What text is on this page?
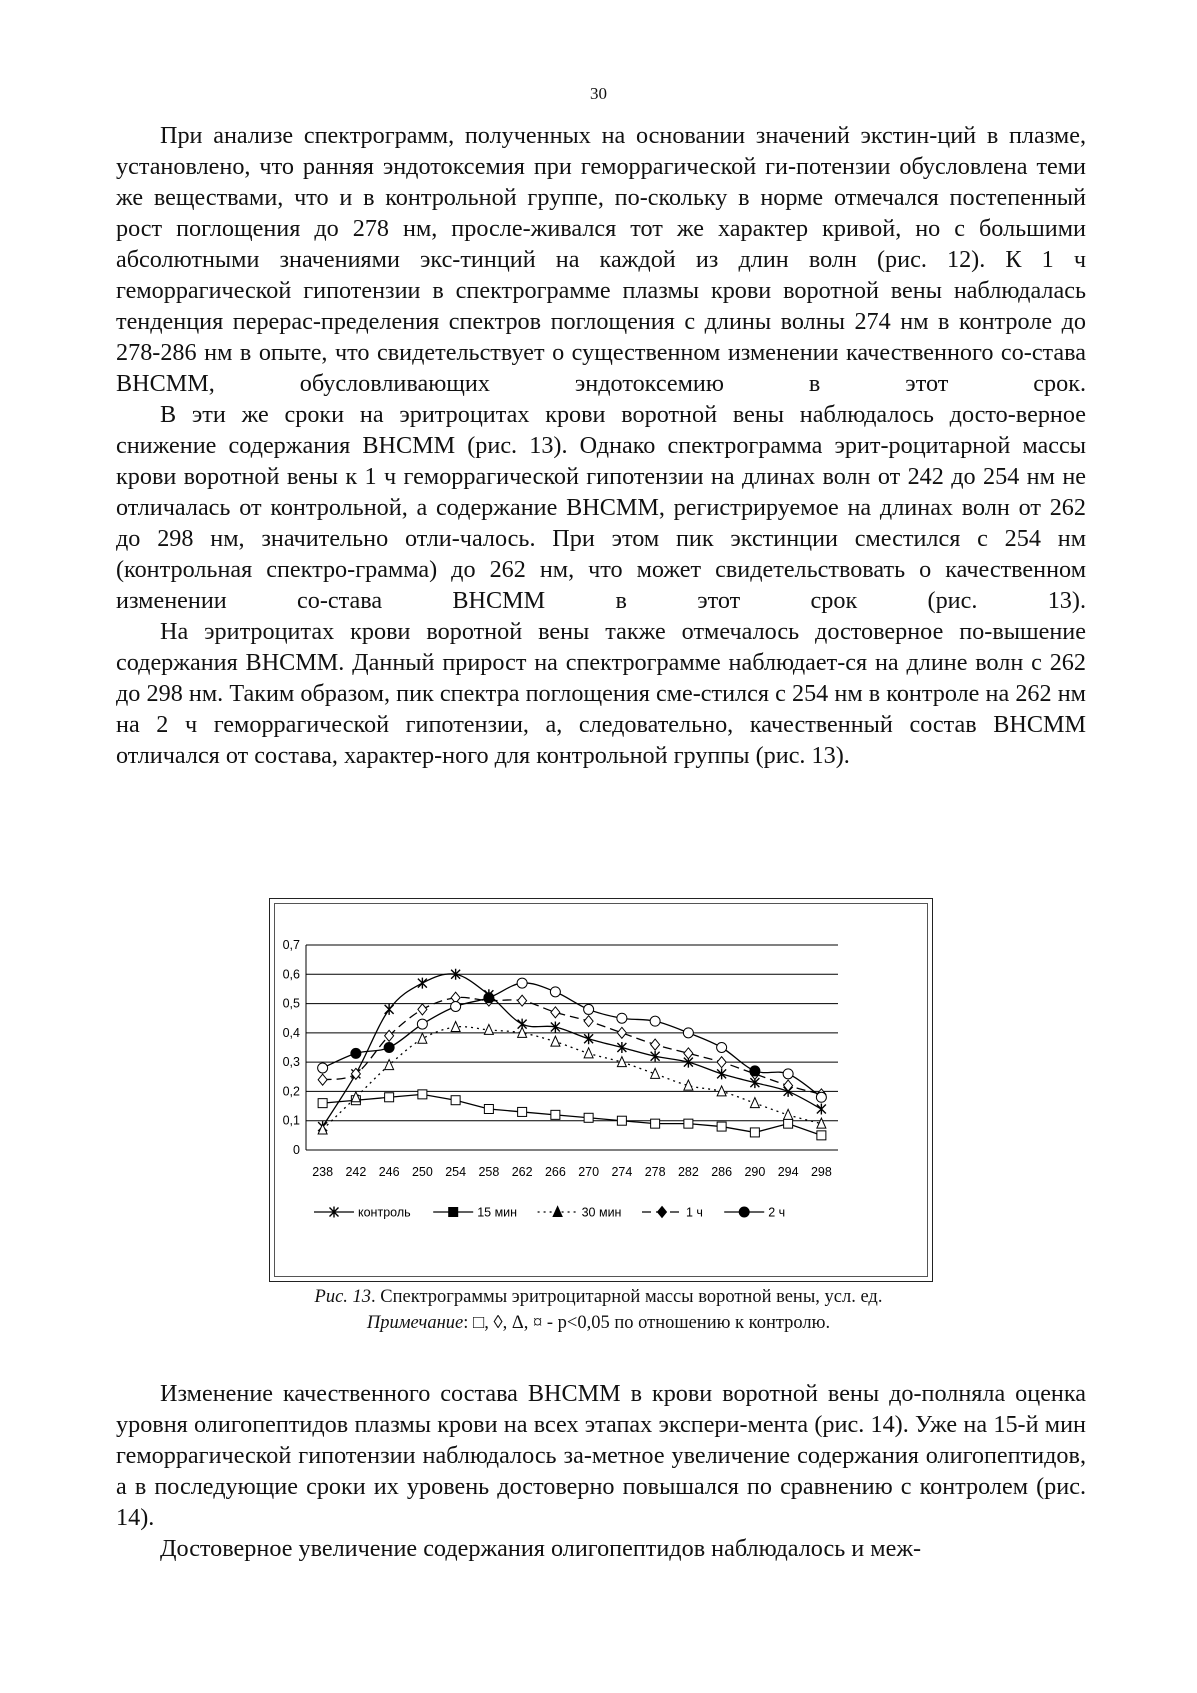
30

При анализе спектрограмм, полученных на основании значений экстин-ций в плазме, установлено, что ранняя эндотоксемия при геморрагической ги-потензии обусловлена теми же веществами, что и в контрольной группе, по-скольку в норме отмечался постепенный рост поглощения до 278 нм, просле-живался тот же характер кривой, но с большими абсолютными значениями экс-тинций на каждой из длин волн (рис. 12). К 1 ч геморрагической гипотензии в спектрограмме плазмы крови воротной вены наблюдалась тенденция перерас-пределения спектров поглощения с длины волны 274 нм в контроле до 278-286 нм в опыте, что свидетельствует о существенном изменении качественного со-става ВНСММ, обусловливающих эндотоксемию в этот срок.

В эти же сроки на эритроцитах крови воротной вены наблюдалось досто-верное снижение содержания ВНСММ (рис. 13). Однако спектрограмма эрит-роцитарной массы крови воротной вены к 1 ч геморрагической гипотензии на длинах волн от 242 до 254 нм не отличалась от контрольной, а содержание ВНСММ, регистрируемое на длинах волн от 262 до 298 нм, значительно отли-чалось. При этом пик экстинции сместился с 254 нм (контрольная спектро-грамма) до 262 нм, что может свидетельствовать о качественном изменении со-става ВНСММ в этот срок (рис. 13).

На эритроцитах крови воротной вены также отмечалось достоверное по-вышение содержания ВНСММ. Данный прирост на спектрограмме наблюдает-ся на длине волн с 262 до 298 нм. Таким образом, пик спектра поглощения сме-стился с 254 нм в контроле на 262 нм на 2 ч геморрагической гипотензии, а, следовательно, качественный состав ВНСММ отличался от состава, характер-ного для контрольной группы (рис. 13).

0
0,1
0,2
0,3
0,4
0,5
0,6
0,7
238 242 246 250 254 258 262 266 270 274 278 282 286 290 294 298
контроль	15 мин	30 мин	1 ч	2 ч
Рис. 13. Спектрограммы эритроцитарной массы воротной вены, усл. ед.
Примечание: □, ◊, Δ, ¤ - р<0,05 по отношению к контролю.

Изменение качественного состава ВНСММ в крови воротной вены до-полняла оценка уровня олигопептидов плазмы крови на всех этапах экспери-мента (рис. 14). Уже на 15-й мин геморрагической гипотензии наблюдалось за-метное увеличение содержания олигопептидов, а в последующие сроки их уровень достоверно повышался по сравнению с контролем (рис. 14).

Достоверное увеличение содержания олигопептидов наблюдалось и меж-
